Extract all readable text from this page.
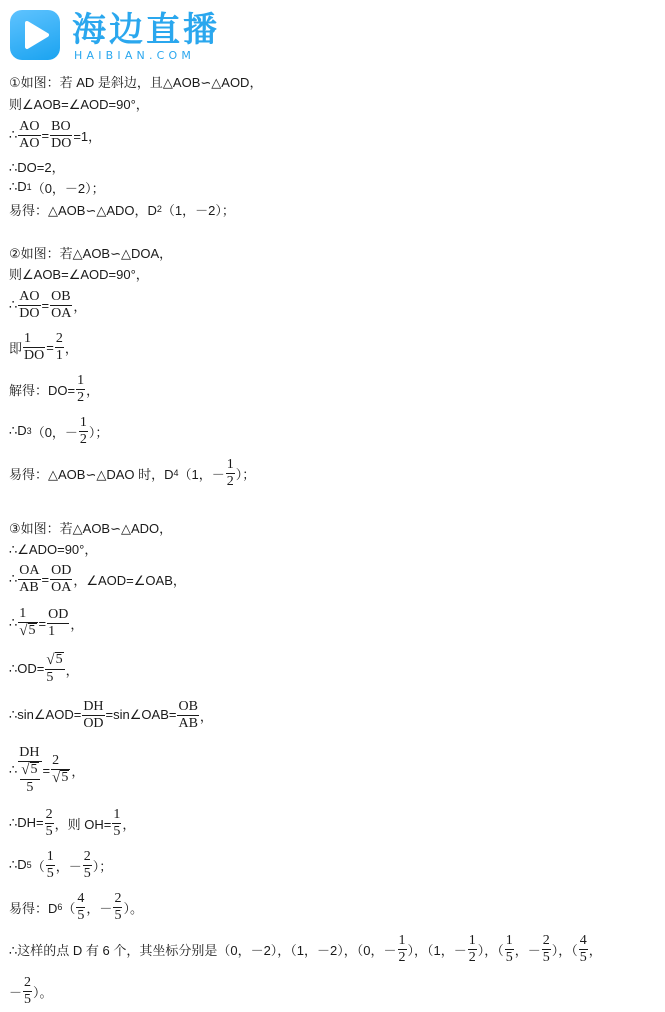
海边直播
HAIBIAN.COM
①如图：若 AD 是斜边，且△AOB∽△AOD，
则∠AOB=∠AOD=90°，
∴ $\frac{AO}{AO} = \frac{BO}{DO} =1$，
∴DO=2，
∴D 1 （0，－2）；
易得：△AOB∽△ADO，D 2 （1，－2）；
②如图：若△AOB∽△DOA，
则∠AOB=∠AOD=90°，
∴ $\frac{AO}{DO} = \frac{OB}{OA}$ ，
即 $\frac{1}{DO} = \frac{2}{1}$ ，
解得：$DO= \frac{1}{2}$ ，
∴D 3 （0，－ $\frac{1}{2}$ ）；
易得：△AOB∽△DAO 时，D 4 （1，－ $\frac{1}{2}$ ）；
③如图：若△AOB∽△ADO，
∴∠ADO=90°，
∴ $\frac{OA}{AB} = \frac{OD}{OA}$ ，∠AOD=∠OAB，
∴ $\frac{1}{√ 5} = \frac{OD}{1}$ ，
∴OD= $\frac{√ 5}{5}$ ，
∴sin∠AOD= $\frac{DH}{OD}$ =sin∠OAB= $\frac{OB}{AB}$ ，
∴ $\frac{DH}{\frac{√ 5}{5}} = \frac{2}{√ 5}$ ，
∴DH= $\frac{2}{5}$ ，则 $OH= \frac{1}{5}$ ，
∴D 5 （ $\frac{1}{5}$ ，－ $\frac{2}{5}$ ）；
易得：D 6 （ $\frac{4}{5}$ ，－ $\frac{2}{5}$ ）。
∴这样的点 D 有 6 个，其坐标分别是（0，－2），（1，－2），（0，－ $\frac{1}{2}$ ），（1，－ $\frac{1}{2}$ ），（ $\frac{1}{5}$ ，－ $\frac{2}{5}$ ），（ $\frac{4}{5}$ ，
－ $\frac{2}{5}$ ）。
